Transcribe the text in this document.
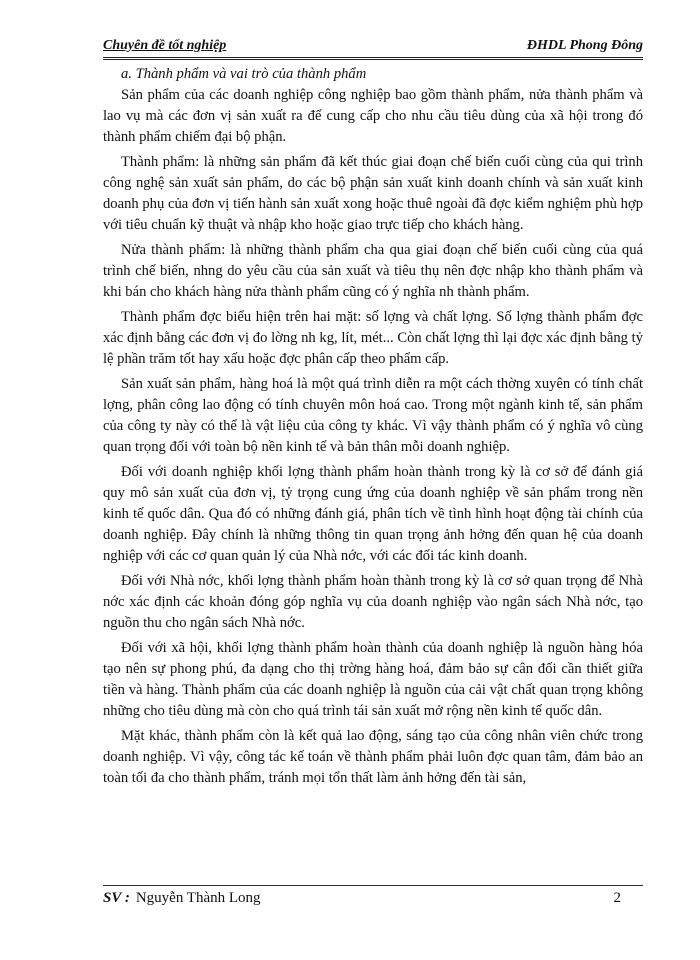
Chuyên đề tốt nghiệp	ĐHDL Phong Đông

a. Thành phẩm và vai trò của thành phẩm

Sản phẩm của các doanh nghiệp công nghiệp bao gồm thành phẩm, nửa thành phẩm và lao vụ mà các đơn vị sản xuất ra để cung cấp cho nhu cầu tiêu dùng của xã hội trong đó thành phẩm chiếm đại bộ phận.

Thành phẩm: là những sản phẩm đã kết thúc giai đoạn chế biến cuối cùng của qui trình công nghệ sản xuất sản phẩm, do các bộ phận sản xuất kinh doanh chính và sản xuất kinh doanh phụ của đơn vị tiến hành sản xuất xong hoặc thuê ngoài đã đợc kiểm nghiệm phù hợp với tiêu chuẩn kỹ thuật và nhập kho hoặc giao trực tiếp cho khách hàng.

Nửa thành phẩm: là những thành phẩm cha qua giai đoạn chế biến cuối cùng của quá trình chế biến, nhng do yêu cầu của sản xuất và tiêu thụ nên đợc nhập kho thành phẩm và khi bán cho khách hàng nửa thành phẩm cũng có ý nghĩa nh thành phẩm.

Thành phẩm đợc biểu hiện trên hai mặt: số lợng và chất lợng. Số lợng thành phẩm đợc xác định bằng các đơn vị đo lờng nh kg, lít, mét... Còn chất lợng thì lại đợc xác định bằng tỷ lệ phần trăm tốt hay xấu hoặc đợc phân cấp theo phẩm cấp.

Sản xuất sản phẩm, hàng hoá là một quá trình diễn ra một cách thờng xuyên có tính chất lợng, phân công lao động có tính chuyên môn hoá cao. Trong một ngành kinh tế, sản phẩm của công ty này có thể là vật liệu của công ty khác. Vì vậy thành phẩm có ý nghĩa vô cùng quan trọng đối với toàn bộ nền kinh tế và bản thân mỗi doanh nghiệp.

Đối với doanh nghiệp khối lợng thành phẩm hoàn thành trong kỳ là cơ sở để đánh giá quy mô sản xuất của đơn vị, tỷ trọng cung ứng của doanh nghiệp về sản phẩm trong nền kinh tế quốc dân. Qua đó có những đánh giá, phân tích về tình hình hoạt động tài chính của doanh nghiệp. Đây chính là những thông tin quan trọng ảnh hởng đến quan hệ của doanh nghiệp với các cơ quan quản lý của Nhà nớc, với các đối tác kinh doanh.

Đối với Nhà nớc, khối lợng thành phẩm hoàn thành trong kỳ là cơ sở quan trọng để Nhà nớc xác định các khoản đóng góp nghĩa vụ của doanh nghiệp vào ngân sách Nhà nớc, tạo nguồn thu cho ngân sách Nhà nớc.

Đối với xã hội, khối lợng thành phẩm hoàn thành của doanh nghiệp là nguồn hàng hóa tạo nên sự phong phú, đa dạng cho thị trờng hàng hoá, đảm bảo sự cân đối cần thiết giữa tiền và hàng. Thành phẩm của các doanh nghiệp là nguồn của cải vật chất quan trọng không những cho tiêu dùng mà còn cho quá trình tái sản xuất mở rộng nền kinh tế quốc dân.

Mặt khác, thành phẩm còn là kết quả lao động, sáng tạo của công nhân viên chức trong doanh nghiệp. Vì vậy, công tác kế toán về thành phẩm phải luôn đợc quan tâm, đảm bảo an toàn tối đa cho thành phẩm, tránh mọi tổn thất làm ảnh hởng đến tài sản,

SV : Nguyễn Thành Long	2
